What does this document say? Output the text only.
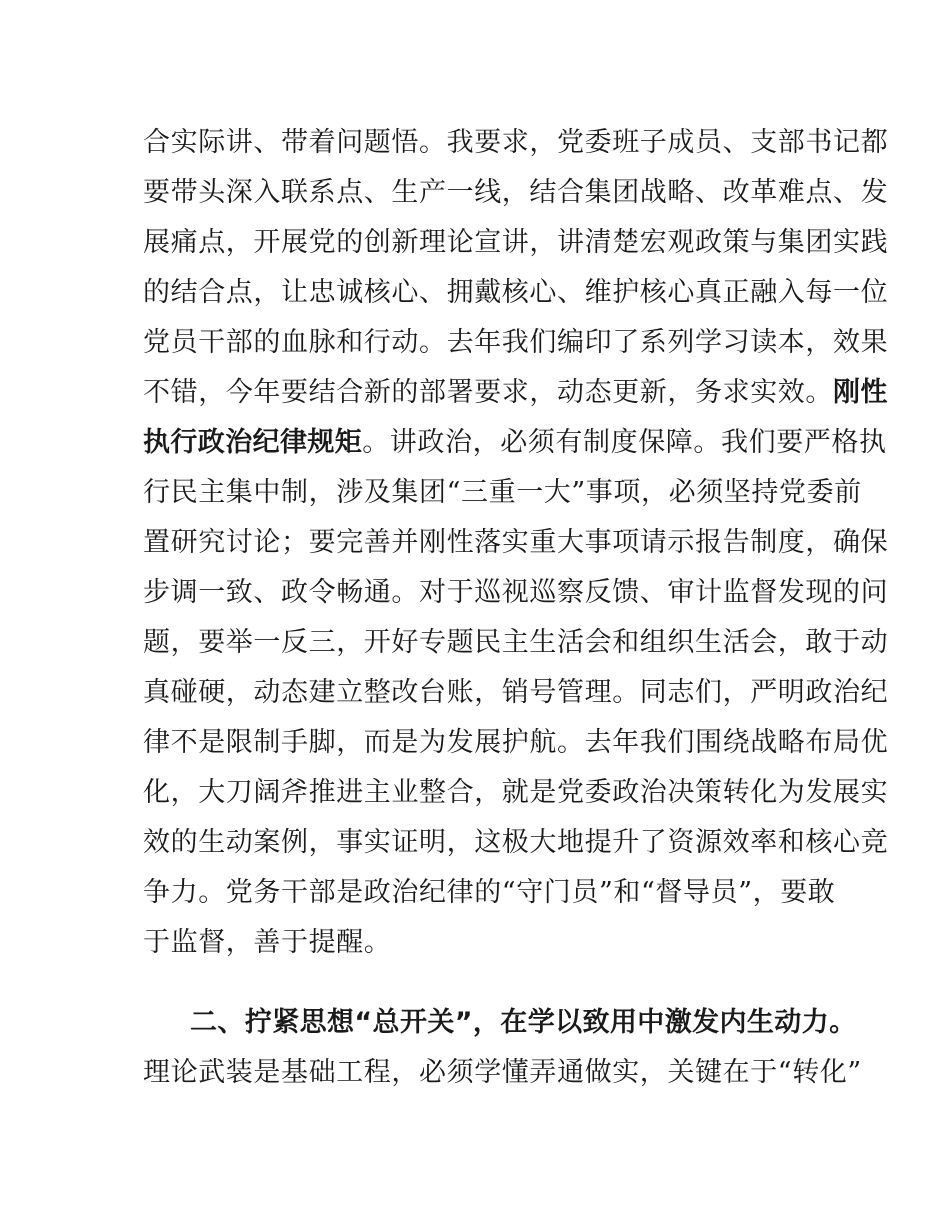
合实际讲、带着问题悟。我要求，党委班子成员、支部书记都
要带头深入联系点、生产一线，结合集团战略、改革难点、发
展痛点，开展党的创新理论宣讲，讲清楚宏观政策与集团实践
的结合点，让忠诚核心、拥戴核心、维护核心真正融入每一位
党员干部的血脉和行动。去年我们编印了系列学习读本，效果
不错，今年要结合新的部署要求，动态更新，务求实效。刚性
执行政治纪律规矩。讲政治，必须有制度保障。我们要严格执
行民主集中制，涉及集团“三重一大”事项，必须坚持党委前
置研究讨论；要完善并刚性落实重大事项请示报告制度，确保
步调一致、政令畅通。对于巡视巡察反馈、审计监督发现的问
题，要举一反三，开好专题民主生活会和组织生活会，敢于动
真碰硬，动态建立整改台账，销号管理。同志们，严明政治纪
律不是限制手脚，而是为发展护航。去年我们围绕战略布局优
化，大刀阔斧推进主业整合，就是党委政治决策转化为发展实
效的生动案例，事实证明，这极大地提升了资源效率和核心竞
争力。党务干部是政治纪律的“守门员”和“督导员”，要敢
于监督，善于提醒。
二、拧紧思想“总开关”，在学以致用中激发内生动力。
理论武装是基础工程，必须学懂弄通做实，关键在于“转化”
